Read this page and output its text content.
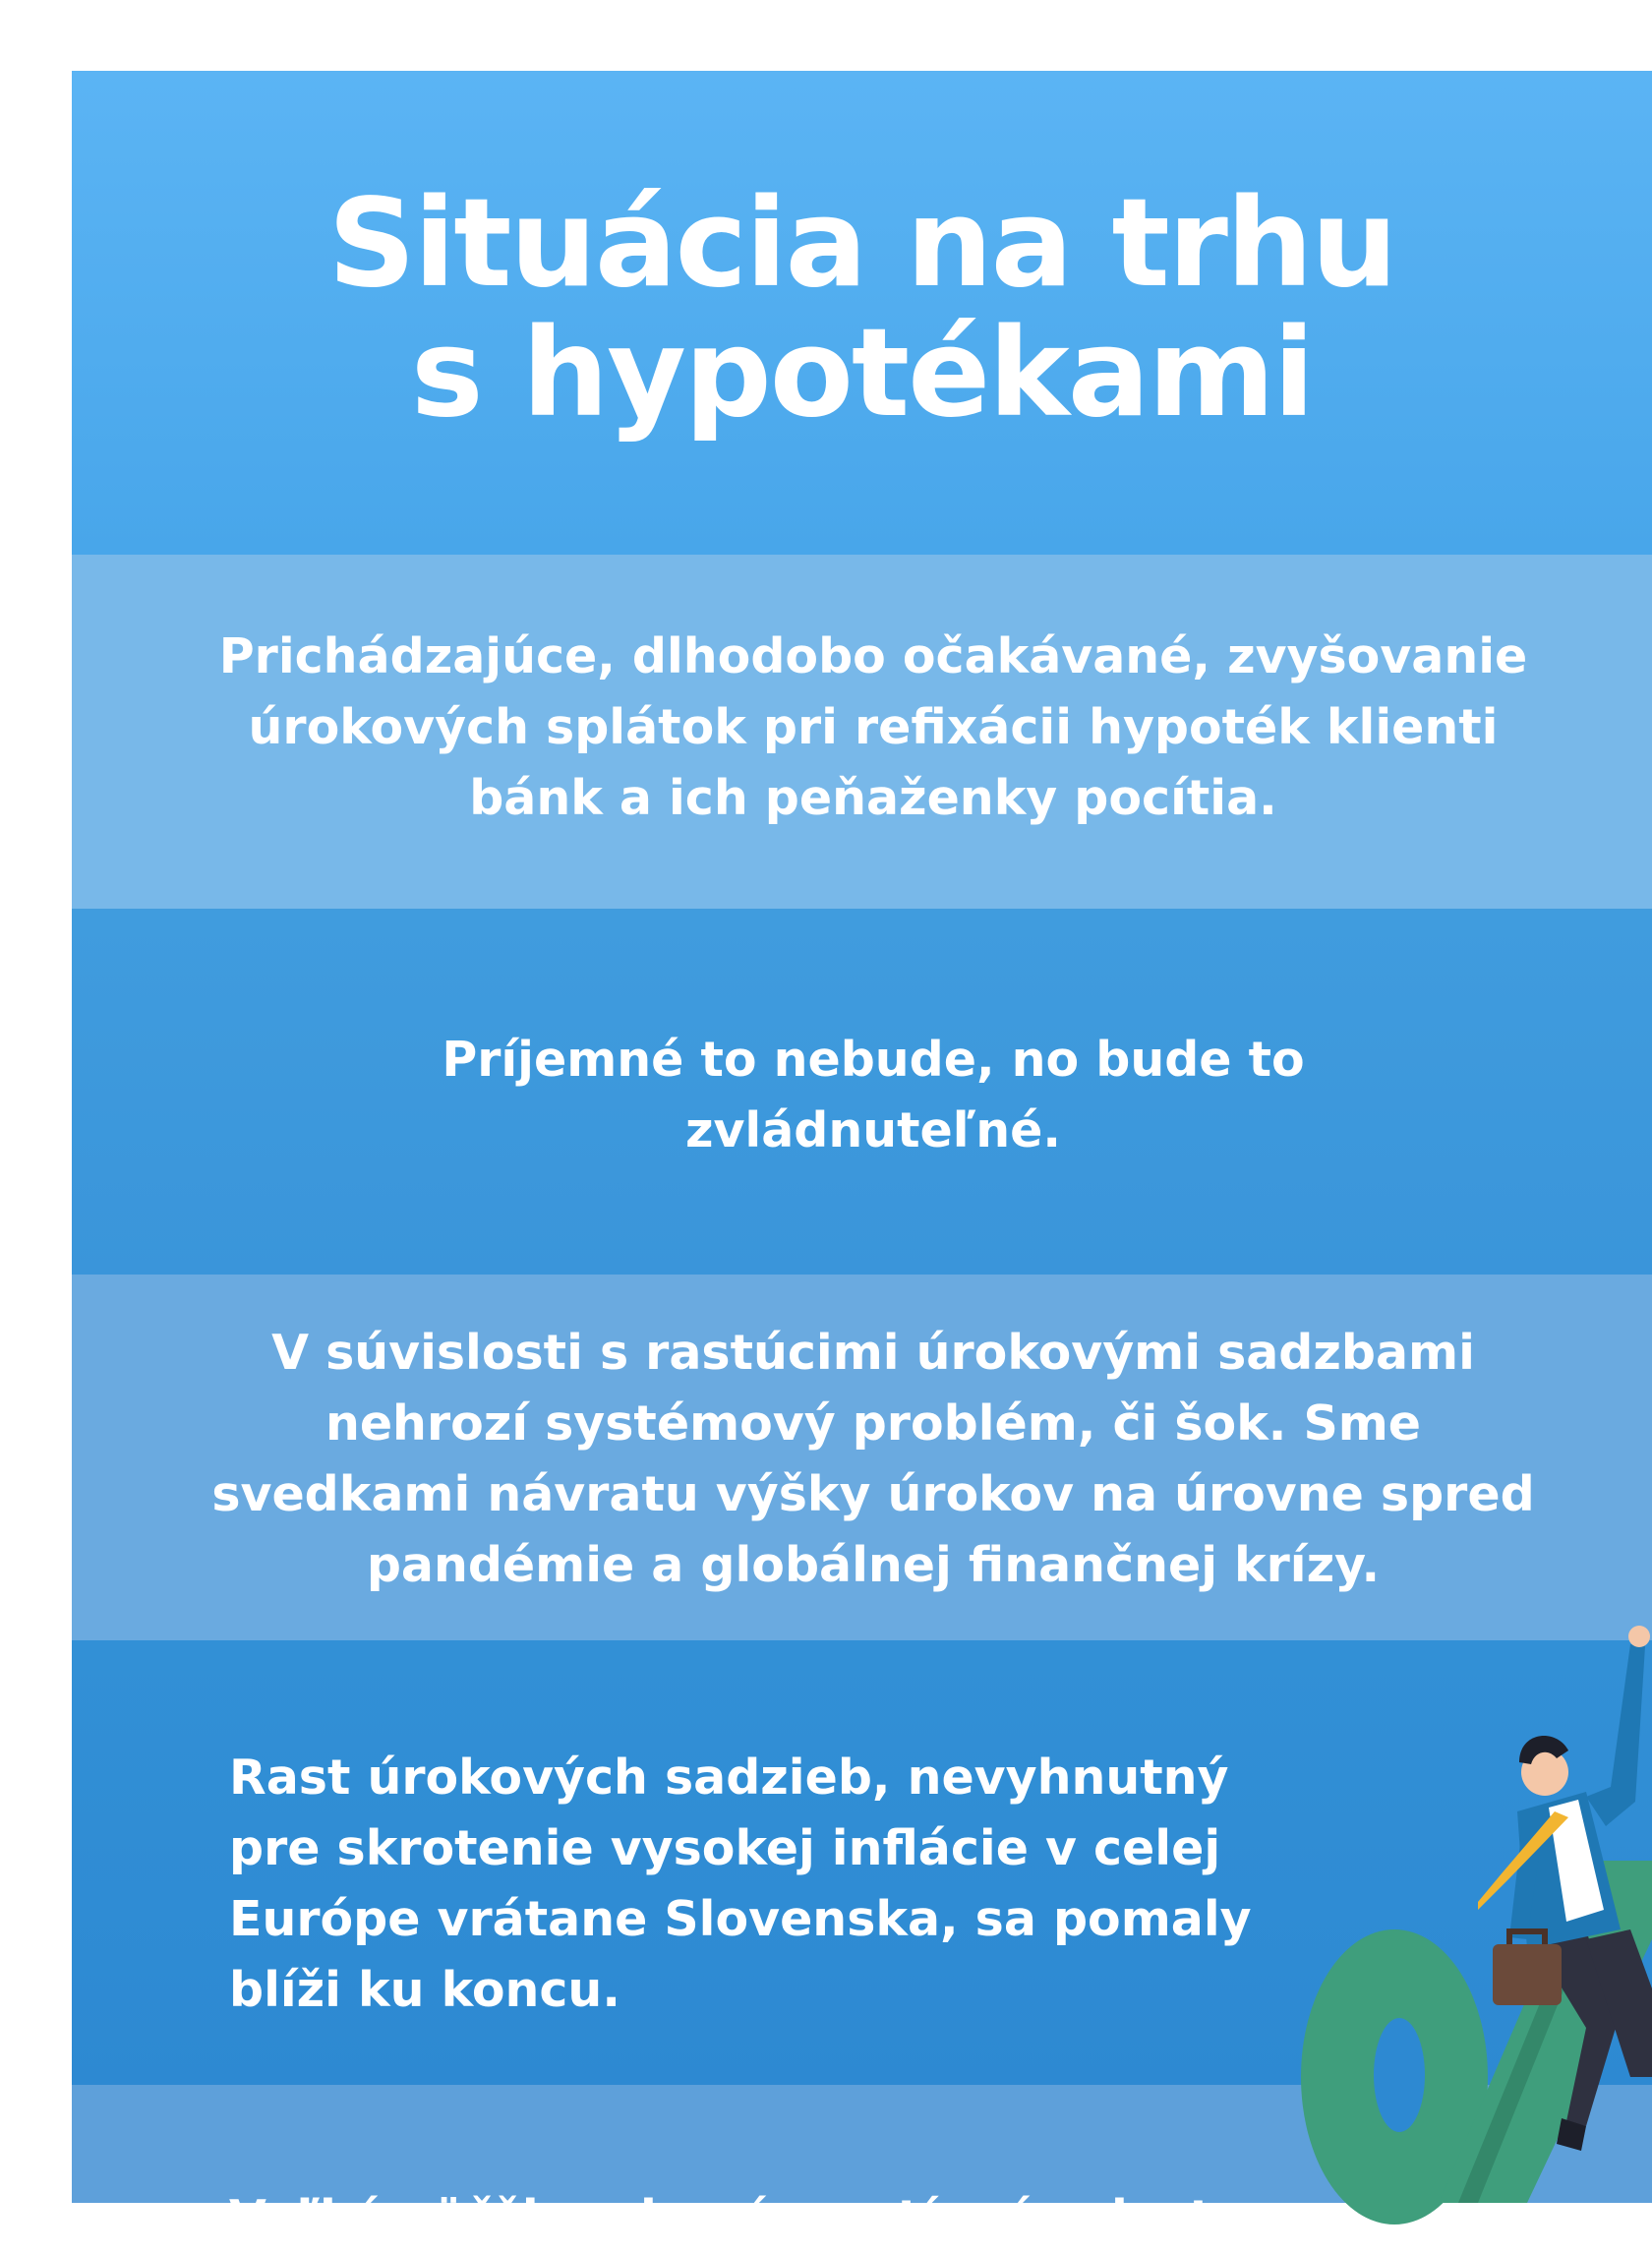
Situácia na trhu
s hypotékami

Prichádzajúce, dlhodobo očakávané, zvyšovanie úrokových splátok pri refixácii hypoték klienti bánk a ich peňaženky pocítia.

Príjemné to nebude, no bude to zvládnuteľné.

V súvislosti s rastúcimi úrokovými sadzbami nehrozí systémový problém, či šok. Sme svedkami návratu výšky úrokov na úrovne spred pandémie a globálnej finančnej krízy.

Rast úrokových sadzieb, nevyhnutný pre skrotenie vysokej inflácie v celej Európe vrátane Slovenska, sa pomaly blíži ku koncu.

Veľká väčšina domácností má priestor
